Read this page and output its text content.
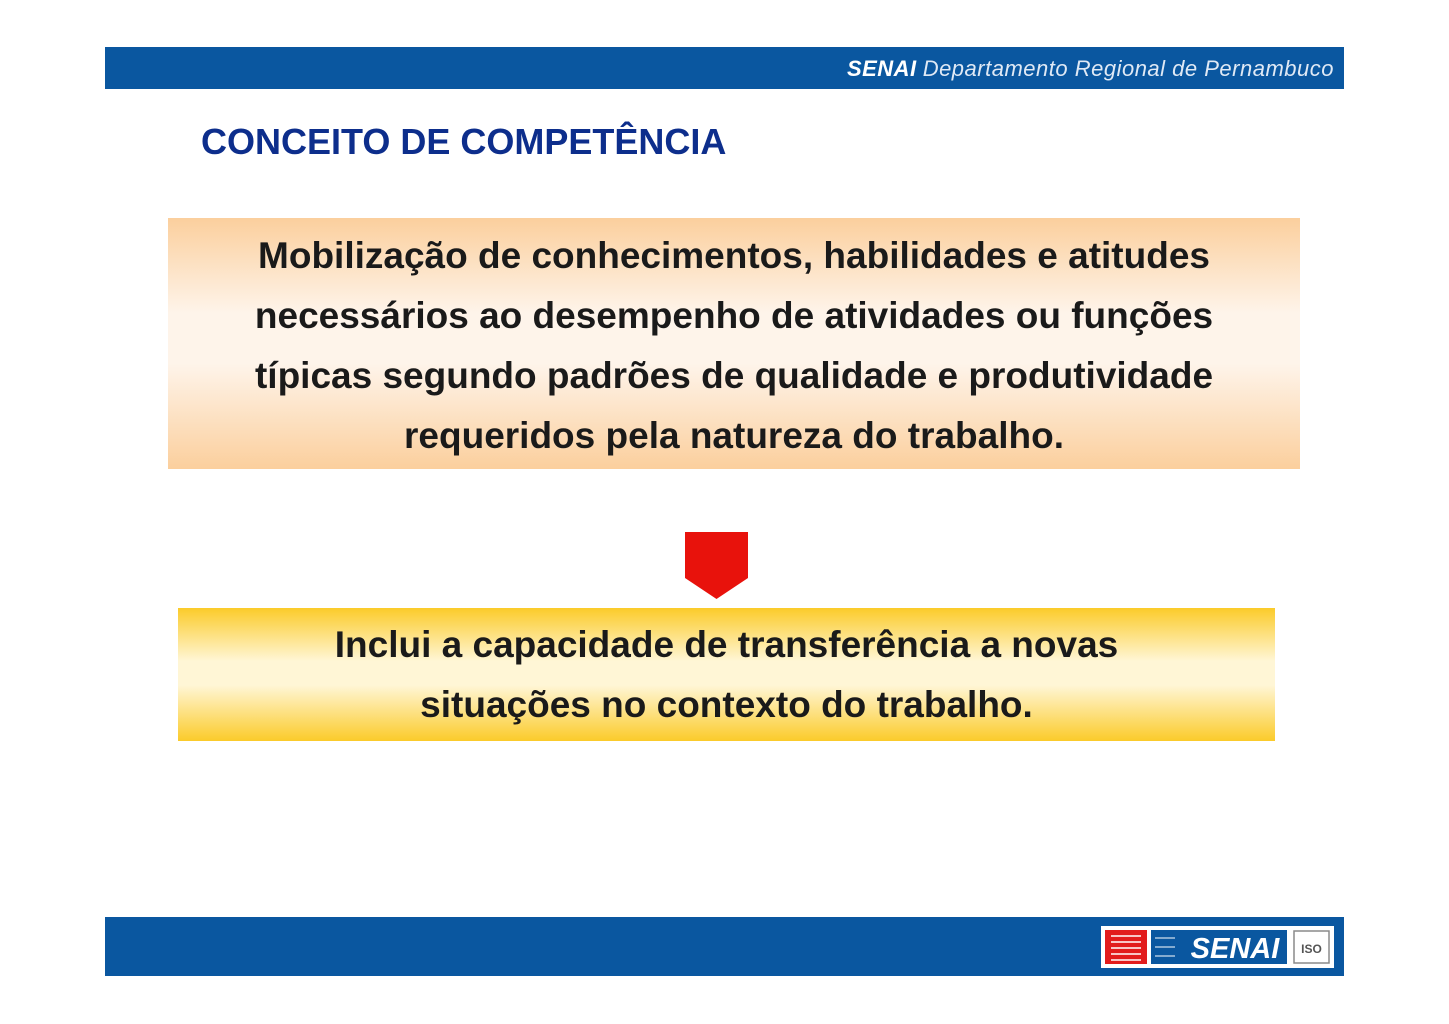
SENAI Departamento Regional de Pernambuco
CONCEITO DE COMPETÊNCIA
Mobilização de conhecimentos, habilidades e atitudes
necessários ao desempenho de atividades ou funções
típicas segundo padrões de qualidade e produtividade
requeridos pela natureza do trabalho.
Inclui a capacidade de transferência a novas
situações no contexto do trabalho.
SENAI ISO
